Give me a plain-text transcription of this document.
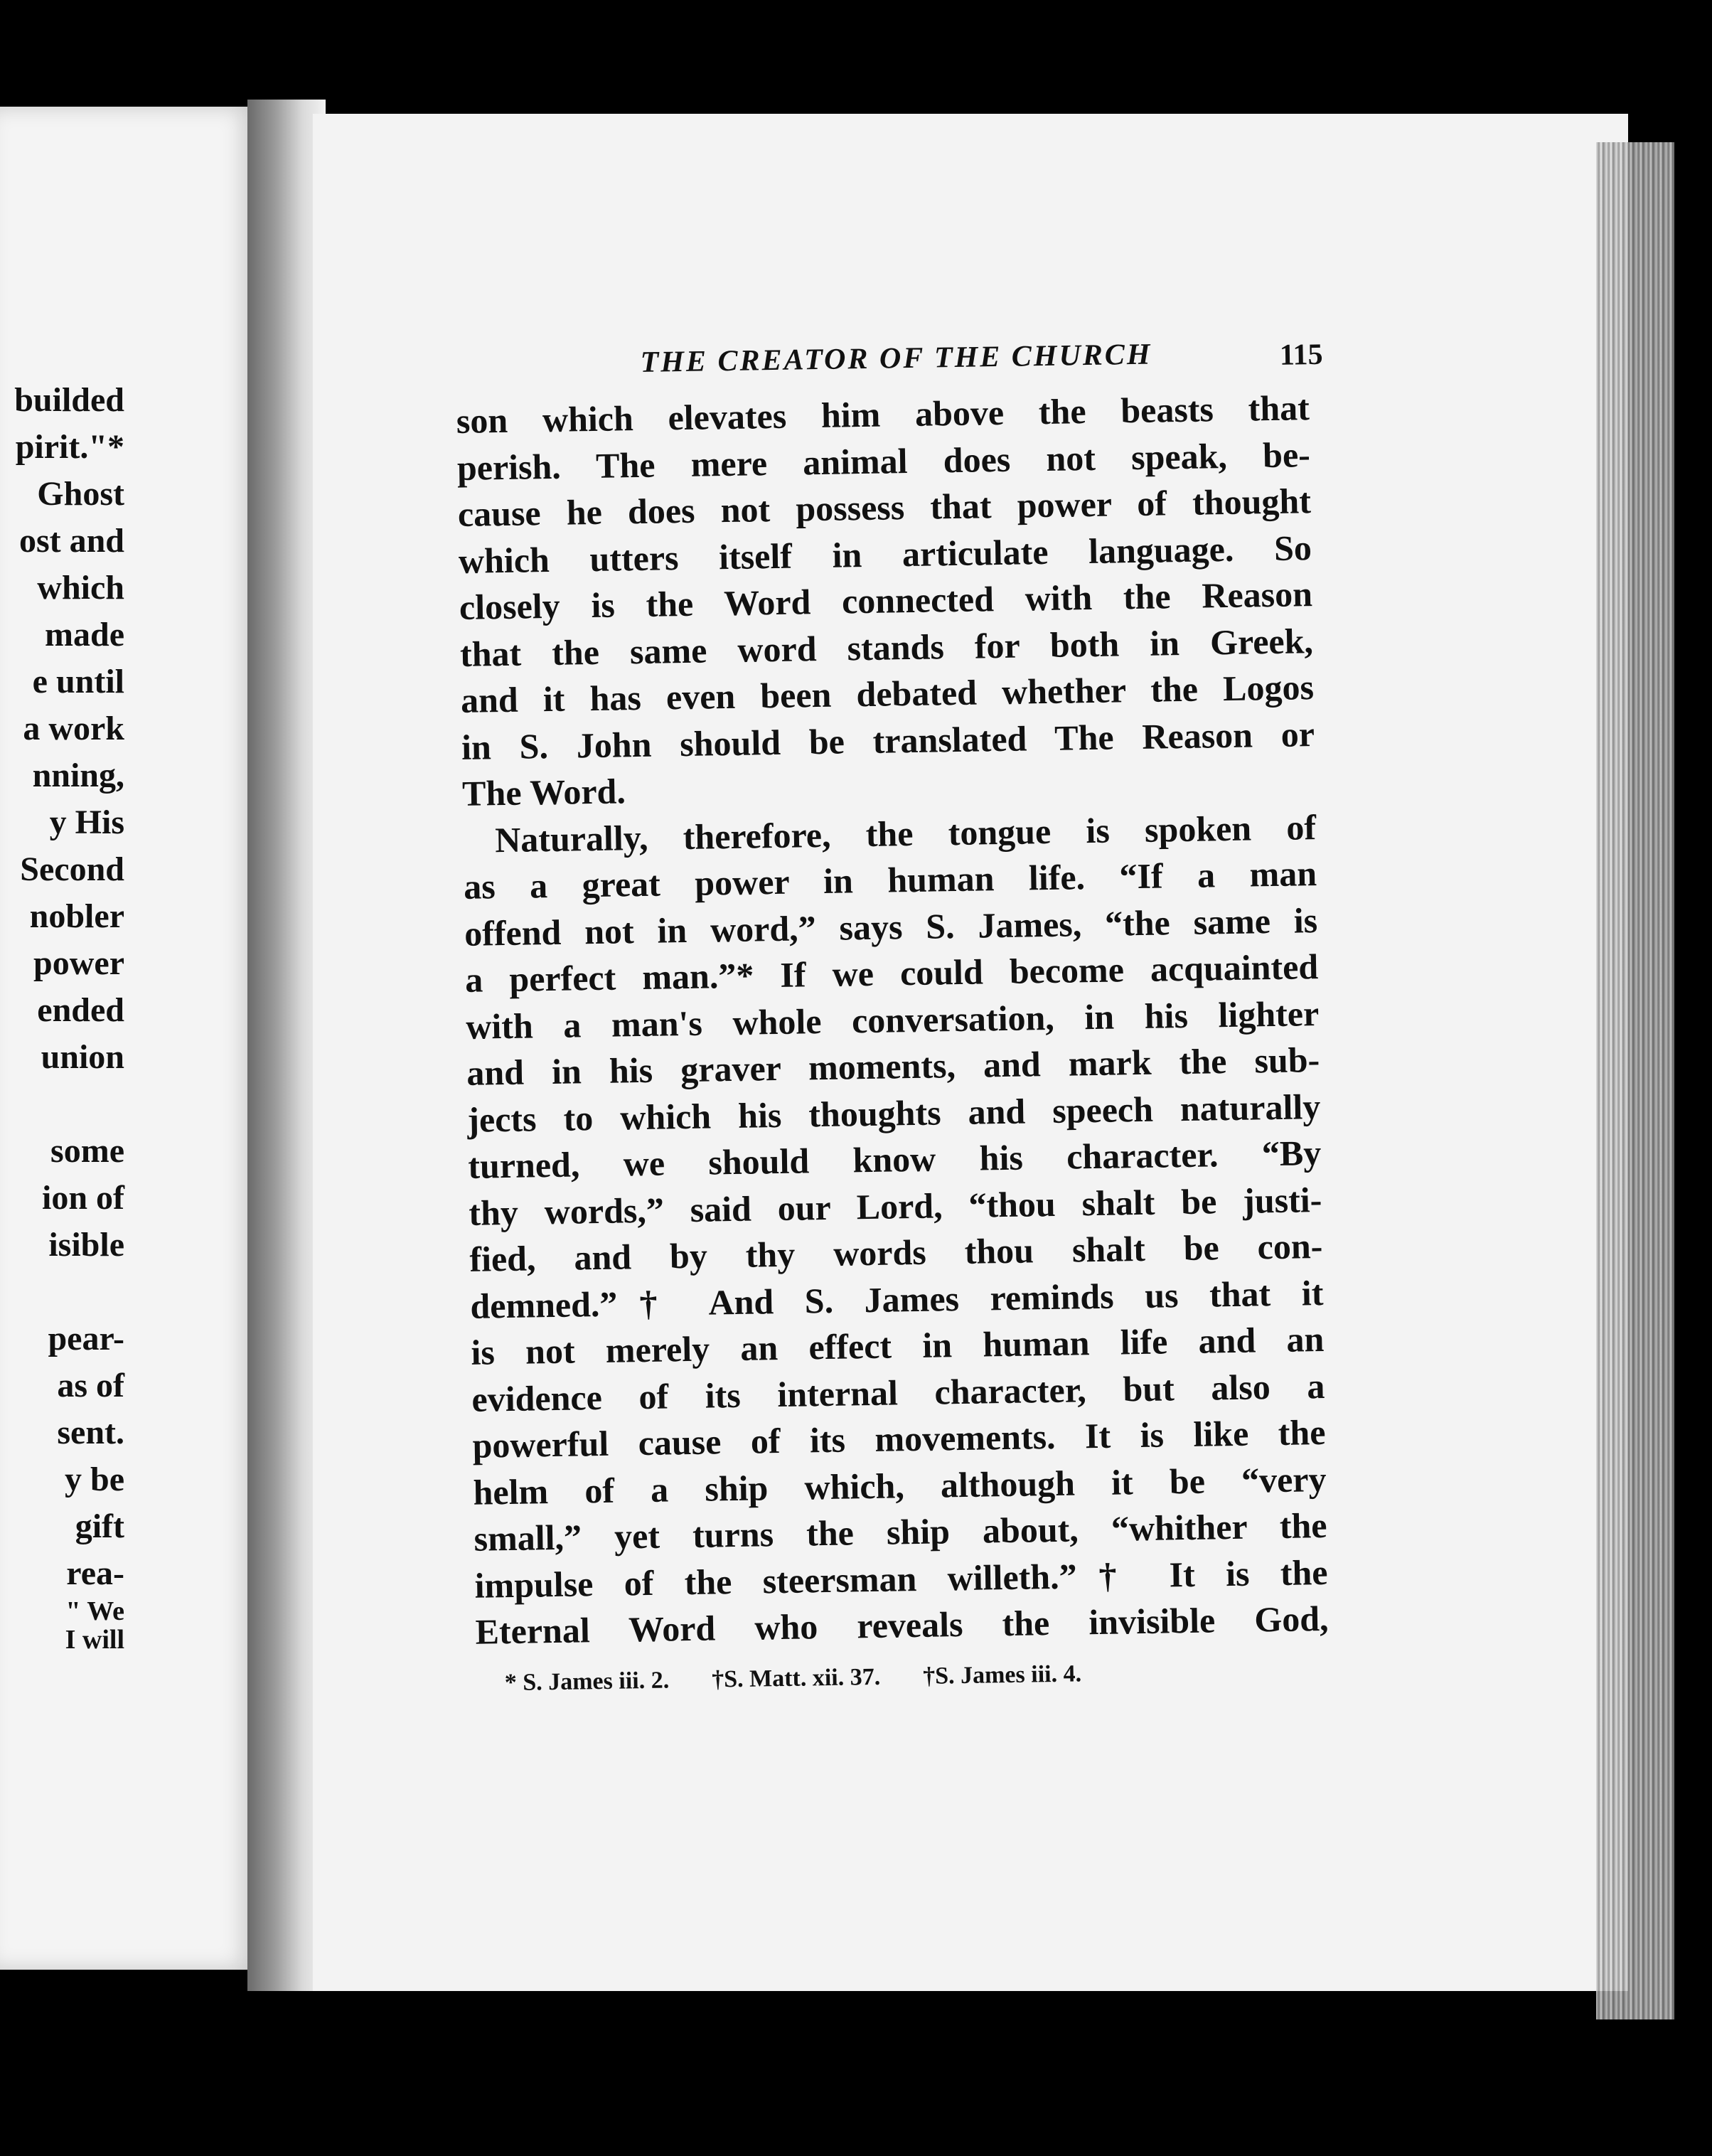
builded
pirit."*
Ghost
ost and
which
made
e until
a work
nning,
y His
Second
nobler
power
ended
union
some
ion of
isible
pear-
as of
sent.
y be
gift
rea-
" We
I will
THE CREATOR OF THE CHURCH	115
son which elevates him above the beasts that
perish. The mere animal does not speak, be-
cause he does not possess that power of thought
which utters itself in articulate language. So
closely is the Word connected with the Reason
that the same word stands for both in Greek,
and it has even been debated whether the Logos
in S. John should be translated The Reason or
The Word.
Naturally, therefore, the tongue is spoken of
as a great power in human life. “If a man
offend not in word,” says S. James, “the same is
a perfect man.”* If we could become acquainted
with a man's whole conversation, in his lighter
and in his graver moments, and mark the sub-
jects to which his thoughts and speech naturally
turned, we should know his character. “By
thy words,” said our Lord, “thou shalt be justi-
fied, and by thy words thou shalt be con-
demned.”† And S. James reminds us that it
is not merely an effect in human life and an
evidence of its internal character, but also a
powerful cause of its movements. It is like the
helm of a ship which, although it be “very
small,” yet turns the ship about, “whither the
impulse of the steersman willeth.”† It is the
Eternal Word who reveals the invisible God,
* S. James iii. 2. †S. Matt. xii. 37. †S. James iii. 4.
